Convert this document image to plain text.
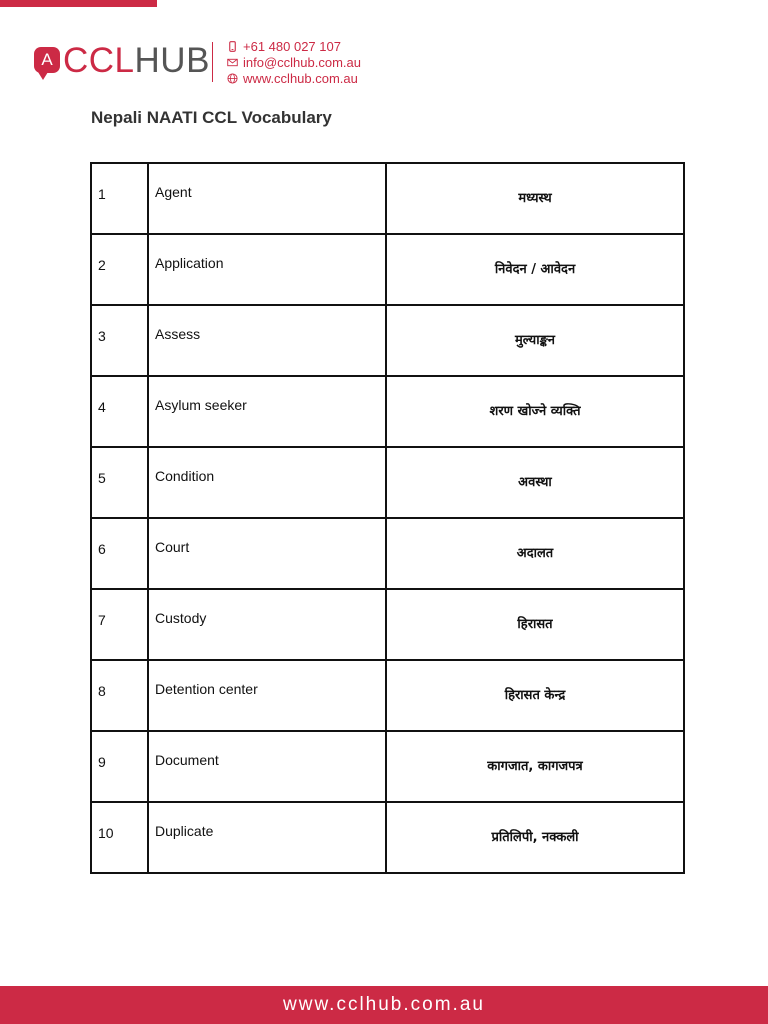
A CCL HUB	+61 480 027 107
info@cclhub.com.au
www.cclhub.com.au
Nepali NAATI CCL Vocabulary
1	Agent	मध्यस्थ

2	Application	निवेदन / आवेदन

3	Assess	मुल्याङ्कन

4	Asylum seeker	शरण खोज्ने व्यक्ति

5	Condition	अवस्था

6	Court	अदालत

7	Custody	हिरासत

8	Detention center	हिरासत केन्द्र

9	Document	कागजात, कागजपत्र

10	Duplicate	प्रतिलिपी, नक्कली
www.cclhub.com.au
